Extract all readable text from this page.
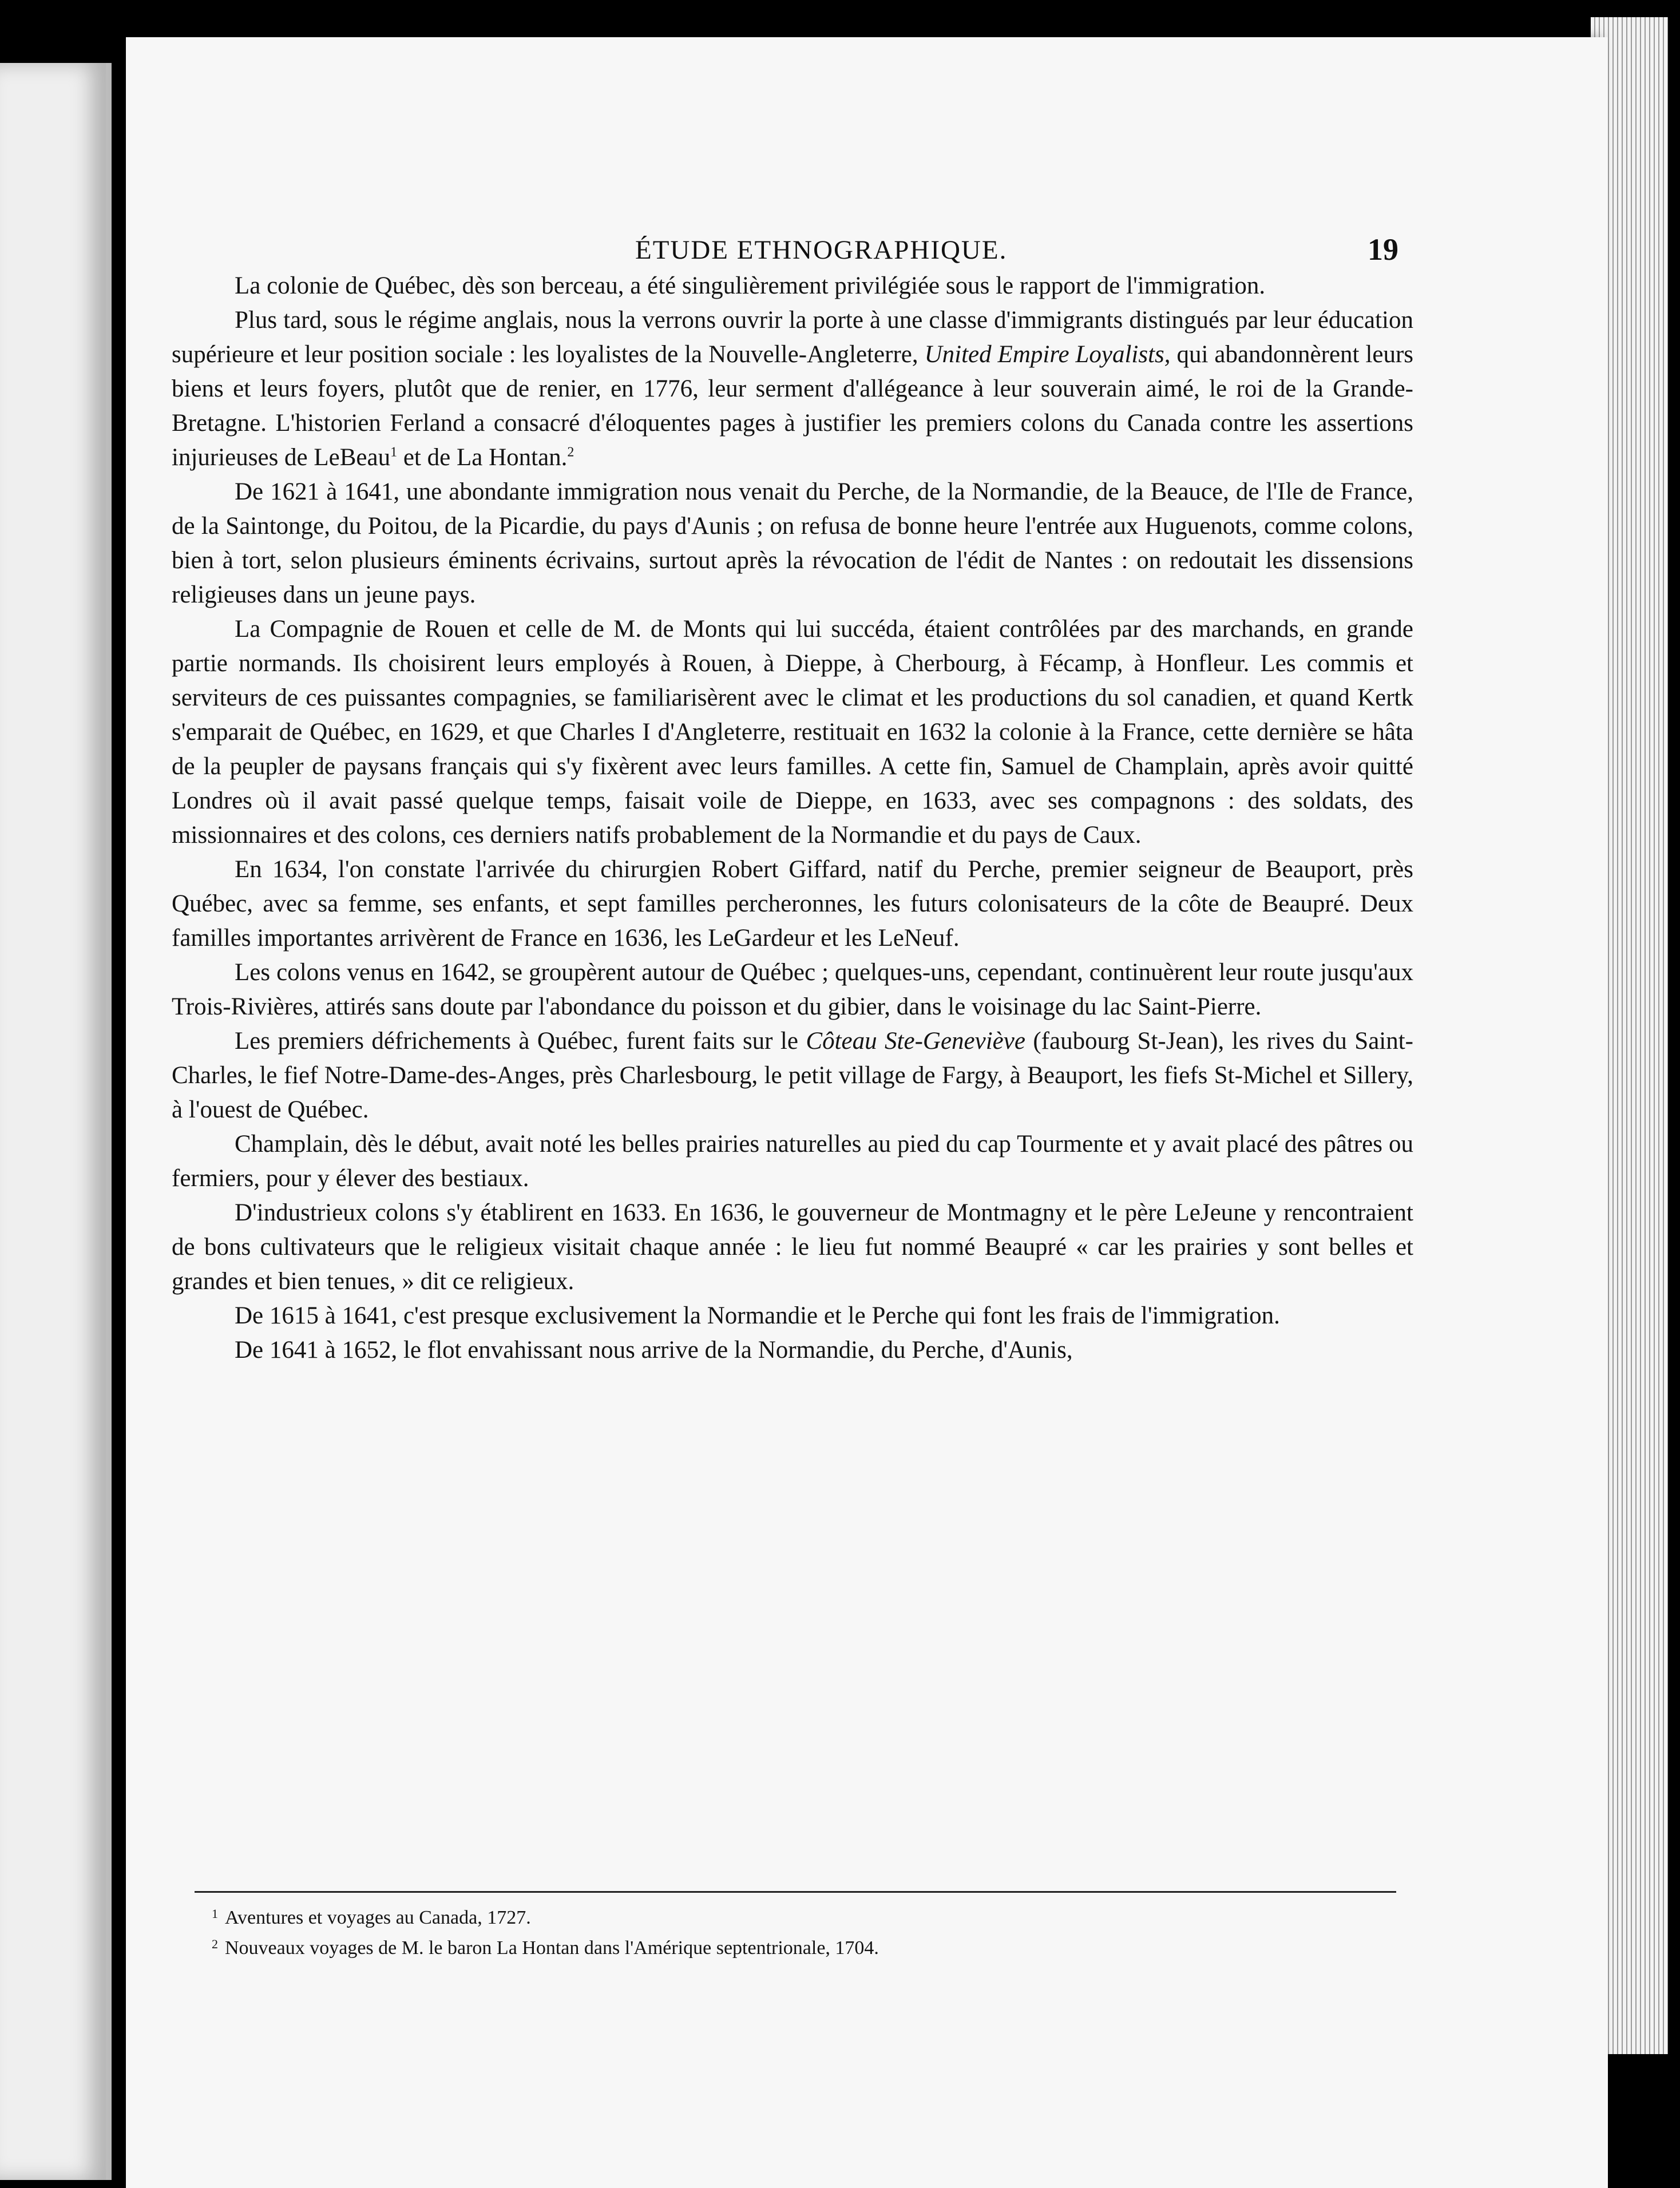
ÉTUDE ETHNOGRAPHIQUE.	19

La colonie de Québec, dès son berceau, a été singulièrement privilégiée sous le rapport de l'immigration.

Plus tard, sous le régime anglais, nous la verrons ouvrir la porte à une classe d'immigrants distingués par leur éducation supérieure et leur position sociale : les loyalistes de la Nouvelle-Angleterre, United Empire Loyalists, qui abandonnèrent leurs biens et leurs foyers, plutôt que de renier, en 1776, leur serment d'allégeance à leur souverain aimé, le roi de la Grande-Bretagne. L'historien Ferland a consacré d'éloquentes pages à justifier les premiers colons du Canada contre les assertions injurieuses de LeBeau$^1$ et de La Hontan.$^2$

De 1621 à 1641, une abondante immigration nous venait du Perche, de la Normandie, de la Beauce, de l'Ile de France, de la Saintonge, du Poitou, de la Picardie, du pays d'Aunis ; on refusa de bonne heure l'entrée aux Huguenots, comme colons, bien à tort, selon plusieurs éminents écrivains, surtout après la révocation de l'édit de Nantes : on redoutait les dissensions religieuses dans un jeune pays.

La Compagnie de Rouen et celle de M. de Monts qui lui succéda, étaient contrôlées par des marchands, en grande partie normands. Ils choisirent leurs employés à Rouen, à Dieppe, à Cherbourg, à Fécamp, à Honfleur. Les commis et serviteurs de ces puissantes compagnies, se familiarisèrent avec le climat et les productions du sol canadien, et quand Kertk s'emparait de Québec, en 1629, et que Charles I d'Angleterre, restituait en 1632 la colonie à la France, cette dernière se hâta de la peupler de paysans français qui s'y fixèrent avec leurs familles. A cette fin, Samuel de Champlain, après avoir quitté Londres où il avait passé quelque temps, faisait voile de Dieppe, en 1633, avec ses compagnons : des soldats, des missionnaires et des colons, ces derniers natifs probablement de la Normandie et du pays de Caux.

En 1634, l'on constate l'arrivée du chirurgien Robert Giffard, natif du Perche, premier seigneur de Beauport, près Québec, avec sa femme, ses enfants, et sept familles percheronnes, les futurs colonisateurs de la côte de Beaupré. Deux familles importantes arrivèrent de France en 1636, les LeGardeur et les LeNeuf.

Les colons venus en 1642, se groupèrent autour de Québec ; quelques-uns, cependant, continuèrent leur route jusqu'aux Trois-Rivières, attirés sans doute par l'abondance du poisson et du gibier, dans le voisinage du lac Saint-Pierre.

Les premiers défrichements à Québec, furent faits sur le Côteau Ste-Geneviève (faubourg St-Jean), les rives du Saint-Charles, le fief Notre-Dame-des-Anges, près Charlesbourg, le petit village de Fargy, à Beauport, les fiefs St-Michel et Sillery, à l'ouest de Québec.

Champlain, dès le début, avait noté les belles prairies naturelles au pied du cap Tourmente et y avait placé des pâtres ou fermiers, pour y élever des bestiaux.

D'industrieux colons s'y établirent en 1633. En 1636, le gouverneur de Montmagny et le père LeJeune y rencontraient de bons cultivateurs que le religieux visitait chaque année : le lieu fut nommé Beaupré « car les prairies y sont belles et grandes et bien tenues, » dit ce religieux.

De 1615 à 1641, c'est presque exclusivement la Normandie et le Perche qui font les frais de l'immigration.

De 1641 à 1652, le flot envahissant nous arrive de la Normandie, du Perche, d'Aunis,

$^1$ Aventures et voyages au Canada, 1727.
$^2$ Nouveaux voyages de M. le baron La Hontan dans l'Amérique septentrionale, 1704.
